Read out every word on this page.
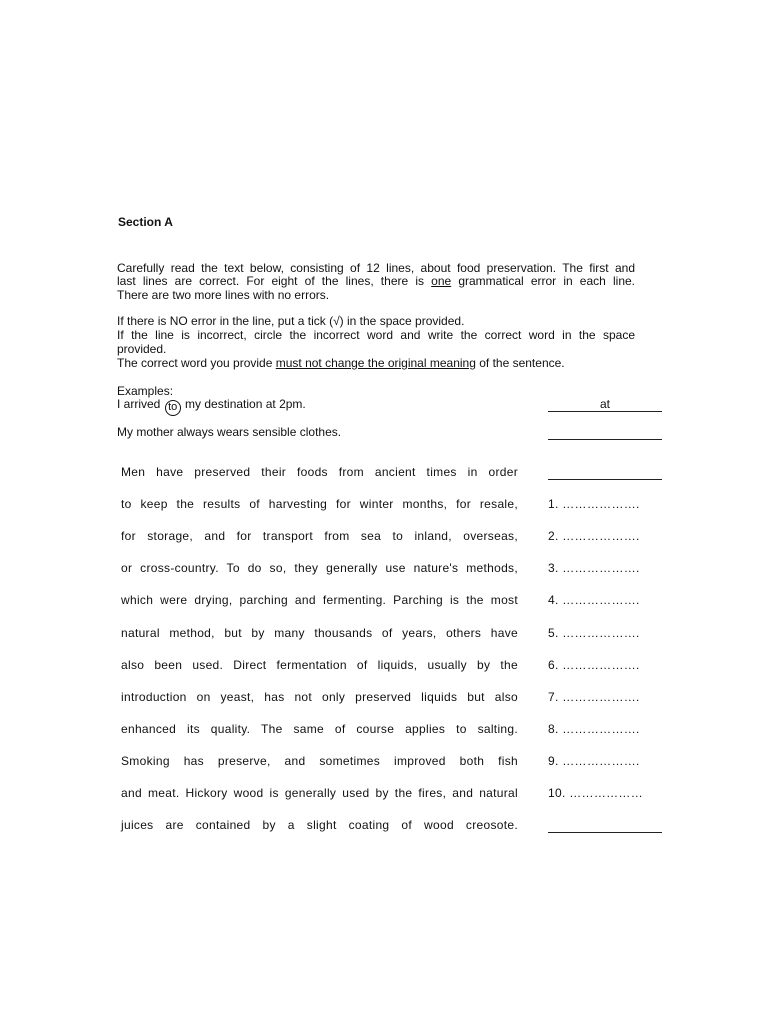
Section A
Carefully read the text below, consisting of 12 lines, about food preservation. The first and
last lines are correct. For eight of the lines, there is one grammatical error in each line.
There are two more lines with no errors.
If there is NO error in the line, put a tick (√) in the space provided.
If the line is incorrect, circle the incorrect word and write the correct word in the space
provided.
The correct word you provide must not change the original meaning of the sentence.
Examples:
I arrived to my destination at 2pm.	at
My mother always wears sensible clothes.
Men have preserved their foods from ancient times in order
to keep the results of harvesting for winter months, for resale,	1. ……………….
for storage, and for transport from sea to inland, overseas,	2. ……………….
or cross-country. To do so, they generally use nature's methods,	3. ……………….
which were drying, parching and fermenting. Parching is the most	4. ……………….
natural method, but by many thousands of years, others have	5. ……………….
also been used. Direct fermentation of liquids, usually by the	6. ……………….
introduction on yeast, has not only preserved liquids but also	7. ……………….
enhanced its quality. The same of course applies to salting.	8. ……………….
Smoking has preserve, and sometimes improved both fish	9. ……………….
and meat. Hickory wood is generally used by the fires, and natural	10. ………………
juices are contained by a slight coating of wood creosote.
